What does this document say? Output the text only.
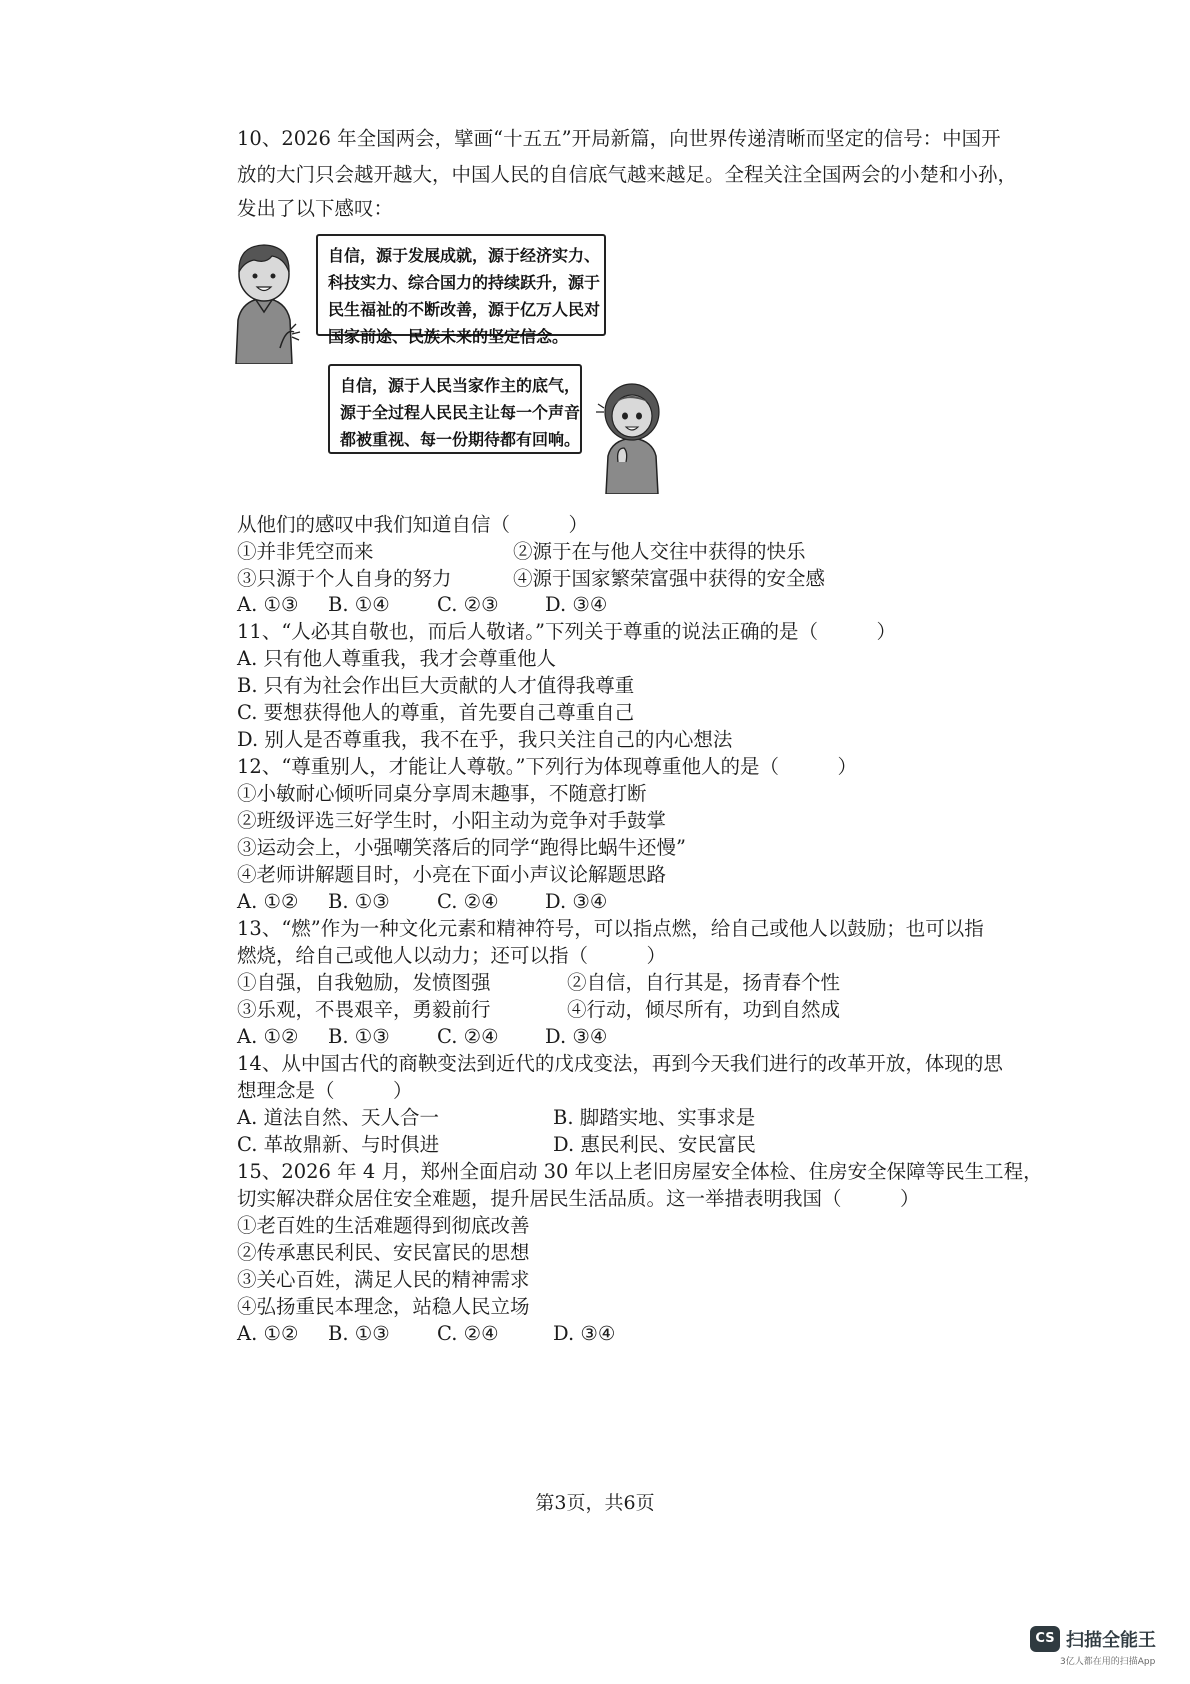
10、2026 年全国两会，擘画“十五五”开局新篇，向世界传递清晰而坚定的信号：中国开
放的大门只会越开越大，中国人民的自信底气越来越足。全程关注全国两会的小楚和小孙，
发出了以下感叹：

自信，源于发展成就，源于经济实力、

科技实力、综合国力的持续跃升，源于

民生福祉的不断改善，源于亿万人民对

国家前途、民族未来的坚定信念。

自信，源于人民当家作主的底气，

源于全过程人民民主让每一个声音

都被重视、每一份期待都有回响。

从他们的感叹中我们知道自信（　　　）
①并非凭空而来	②源于在与他人交往中获得的快乐
③只源于个人自身的努力	④源于国家繁荣富强中获得的安全感
A. ①③ B. ①④ C. ②③ D. ③④
11、“人必其自敬也，而后人敬诸。”下列关于尊重的说法正确的是（　　　）
A. 只有他人尊重我，我才会尊重他人
B. 只有为社会作出巨大贡献的人才值得我尊重
C. 要想获得他人的尊重，首先要自己尊重自己
D. 别人是否尊重我，我不在乎，我只关注自己的内心想法
12、“尊重别人，才能让人尊敬。”下列行为体现尊重他人的是（　　　）
①小敏耐心倾听同桌分享周末趣事，不随意打断
②班级评选三好学生时，小阳主动为竞争对手鼓掌
③运动会上，小强嘲笑落后的同学“跑得比蜗牛还慢”
④老师讲解题目时，小亮在下面小声议论解题思路
A. ①② B. ①③ C. ②④ D. ③④
13、“燃”作为一种文化元素和精神符号，可以指点燃，给自己或他人以鼓励；也可以指
燃烧，给自己或他人以动力；还可以指（　　　）
①自强，自我勉励，发愤图强	②自信，自行其是，扬青春个性
③乐观，不畏艰辛，勇毅前行	④行动，倾尽所有，功到自然成
A. ①② B. ①③ C. ②④ D. ③④
14、从中国古代的商鞅变法到近代的戊戌变法，再到今天我们进行的改革开放，体现的思
想理念是（　　　）
A. 道法自然、天人合一	B. 脚踏实地、实事求是
C. 革故鼎新、与时俱进	D. 惠民利民、安民富民
15、2026 年 4 月，郑州全面启动 30 年以上老旧房屋安全体检、住房安全保障等民生工程，
切实解决群众居住安全难题，提升居民生活品质。这一举措表明我国（　　　）
①老百姓的生活难题得到彻底改善
②传承惠民利民、安民富民的思想
③关心百姓，满足人民的精神需求
④弘扬重民本理念，站稳人民立场
A. ①② B. ①③ C. ②④	D. ③④
第3页，共6页
CS 扫描全能王
3亿人都在用的扫描App
